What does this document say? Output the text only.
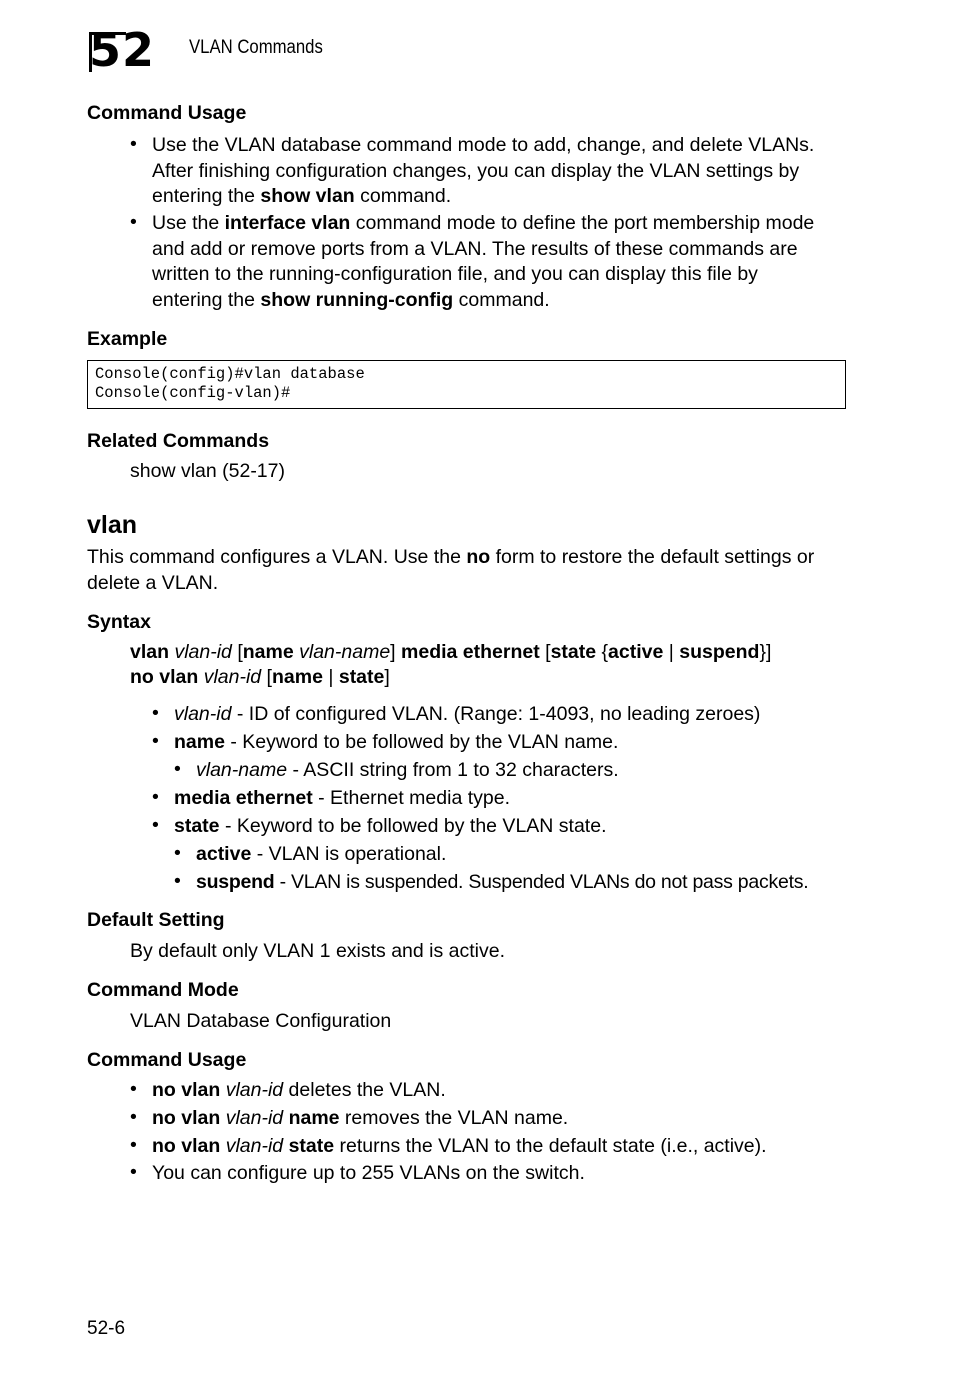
52 VLAN Commands
Command Usage
• Use the VLAN database command mode to add, change, and delete VLANs.
After finishing configuration changes, you can display the VLAN settings by
entering the show vlan command.
• Use the interface vlan command mode to define the port membership mode
and add or remove ports from a VLAN. The results of these commands are
written to the running-configuration file, and you can display this file by
entering the show running-config command.
Example
Console(config)#vlan database
Console(config-vlan)#
Related Commands
show vlan (52-17)
vlan
This command configures a VLAN. Use the no form to restore the default settings or
delete a VLAN.
Syntax
vlan vlan-id [name vlan-name] media ethernet [state {active | suspend}]
no vlan vlan-id [name | state]
• vlan-id - ID of configured VLAN. (Range: 1-4093, no leading zeroes)
• name - Keyword to be followed by the VLAN name.
• vlan-name - ASCII string from 1 to 32 characters.
• media ethernet - Ethernet media type.
• state - Keyword to be followed by the VLAN state.
• active - VLAN is operational.
• suspend - VLAN is suspended. Suspended VLANs do not pass packets.
Default Setting
By default only VLAN 1 exists and is active.
Command Mode
VLAN Database Configuration
Command Usage
• no vlan vlan-id deletes the VLAN.
• no vlan vlan-id name removes the VLAN name.
• no vlan vlan-id state returns the VLAN to the default state (i.e., active).
• You can configure up to 255 VLANs on the switch.
52-6
